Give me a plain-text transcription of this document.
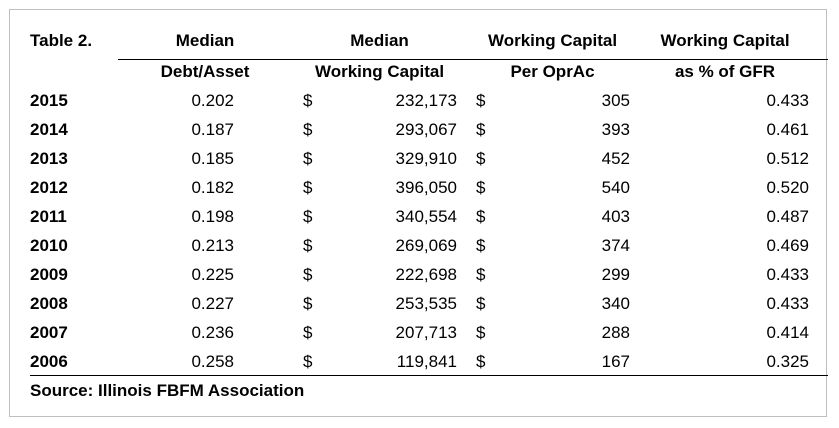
Table 2.	Median	Median	Working Capital	Working Capital
Debt/Asset	Working Capital	Per OprAc	as % of GFR
2015	0.202	$	232,173 $	305	0.433
2014	0.187	$	293,067 $	393	0.461
2013	0.185	$	329,910 $	452	0.512
2012	0.182	$	396,050 $	540	0.520
2011	0.198	$	340,554 $	403	0.487
2010	0.213	$	269,069 $	374	0.469
2009	0.225	$	222,698 $	299	0.433
2008	0.227	$	253,535 $	340	0.433
2007	0.236	$	207,713 $	288	0.414
2006	0.258	$	119,841 $	167	0.325
Source: Illinois FBFM Association
